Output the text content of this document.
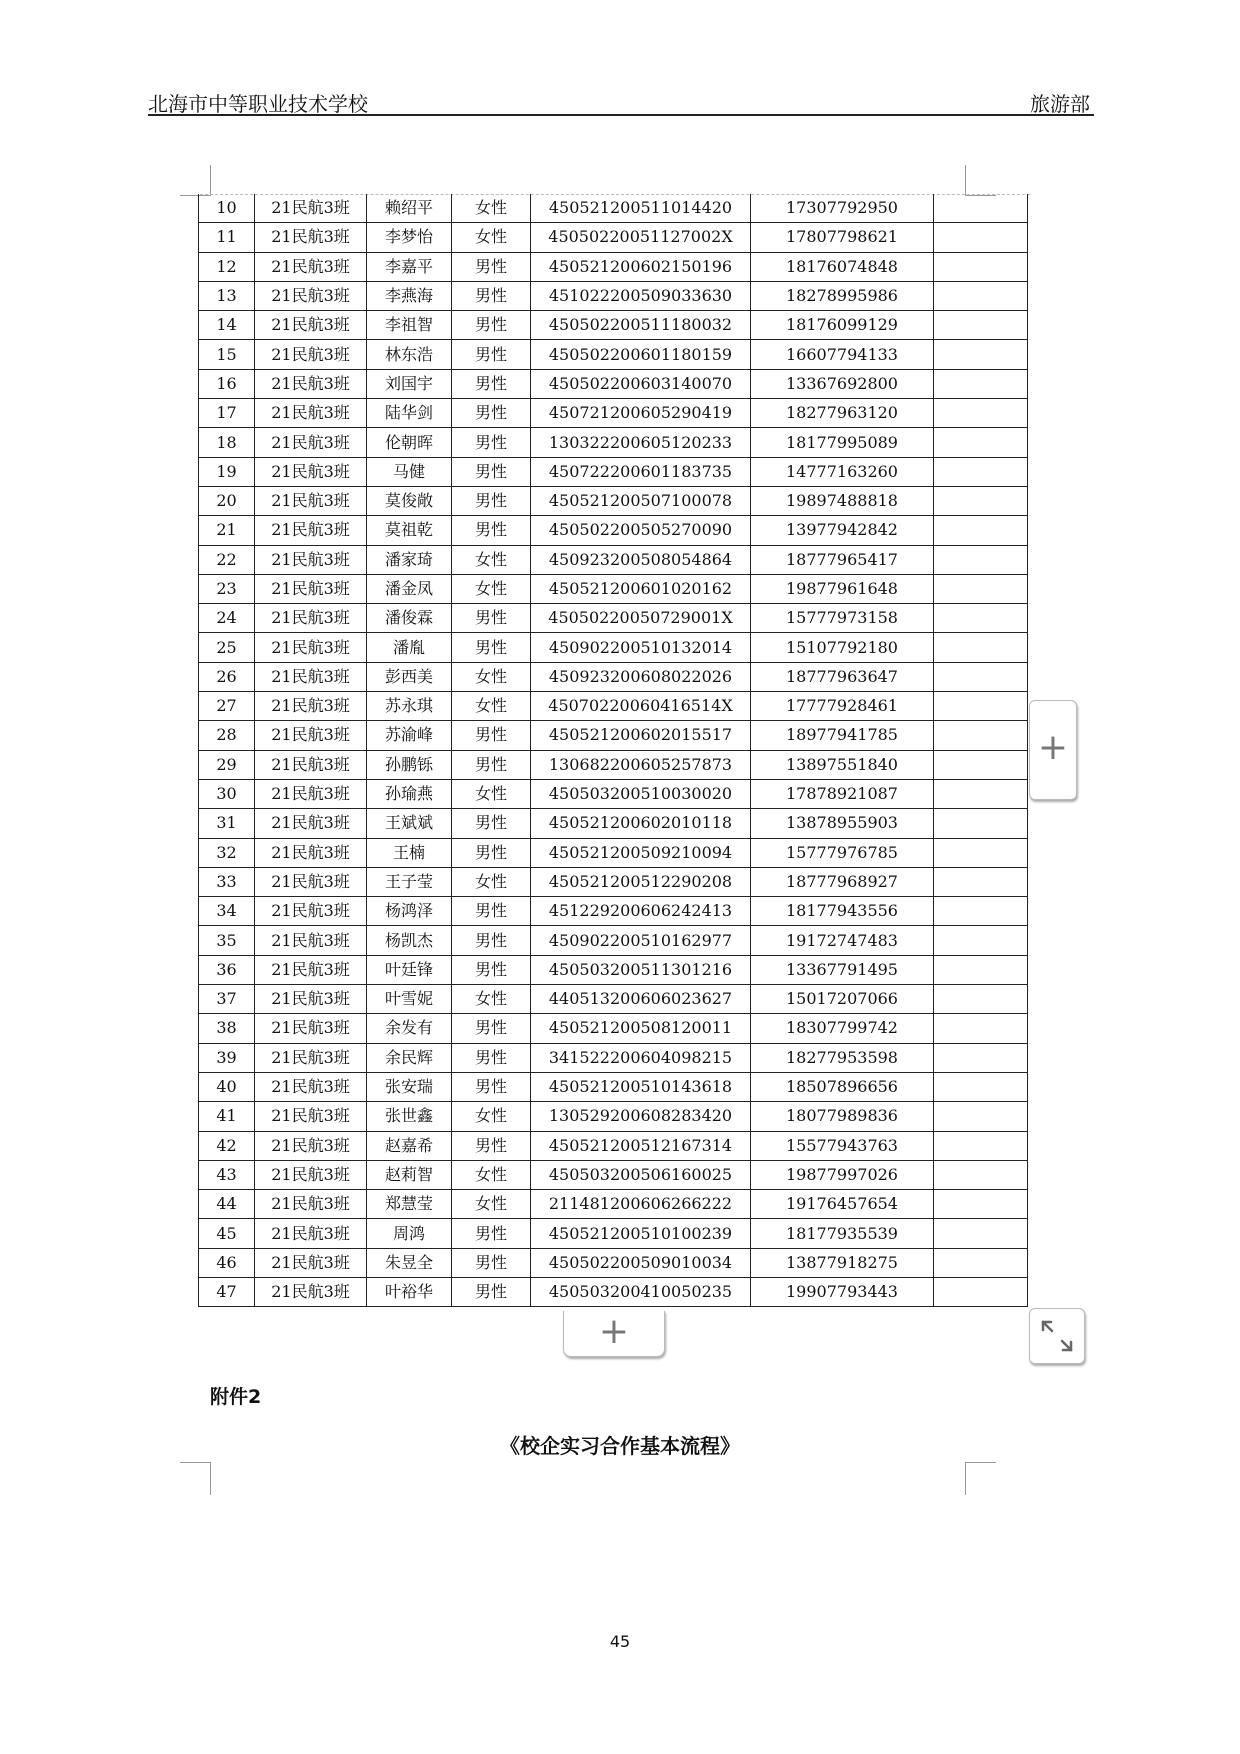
北海市中等职业技术学校	旅游部
10	21民航3班	赖绍平	女性	450521200511014420	17307792950	
11	21民航3班	李梦怡	女性	45050220051127002X	17807798621	
12	21民航3班	李嘉平	男性	450521200602150196	18176074848	
13	21民航3班	李燕海	男性	451022200509033630	18278995986	
14	21民航3班	李祖智	男性	450502200511180032	18176099129	
15	21民航3班	林东浩	男性	450502200601180159	16607794133	
16	21民航3班	刘国宇	男性	450502200603140070	13367692800	
17	21民航3班	陆华剑	男性	450721200605290419	18277963120	
18	21民航3班	伦朝晖	男性	130322200605120233	18177995089	
19	21民航3班	马健	男性	450722200601183735	14777163260	
20	21民航3班	莫俊敞	男性	450521200507100078	19897488818	
21	21民航3班	莫祖乾	男性	450502200505270090	13977942842	
22	21民航3班	潘家琦	女性	450923200508054864	18777965417	
23	21民航3班	潘金凤	女性	450521200601020162	19877961648	
24	21民航3班	潘俊霖	男性	45050220050729001X	15777973158	
25	21民航3班	潘胤	男性	450902200510132014	15107792180	
26	21民航3班	彭西美	女性	450923200608022026	18777963647	
27	21民航3班	苏永琪	女性	45070220060416514X	17777928461	
28	21民航3班	苏渝峰	男性	450521200602015517	18977941785	
29	21民航3班	孙鹏铄	男性	130682200605257873	13897551840	
30	21民航3班	孙瑜燕	女性	450503200510030020	17878921087	
31	21民航3班	王斌斌	男性	450521200602010118	13878955903	
32	21民航3班	王楠	男性	450521200509210094	15777976785	
33	21民航3班	王子莹	女性	450521200512290208	18777968927	
34	21民航3班	杨鸿泽	男性	451229200606242413	18177943556	
35	21民航3班	杨凯杰	男性	450902200510162977	19172747483	
36	21民航3班	叶廷锋	男性	450503200511301216	13367791495	
37	21民航3班	叶雪妮	女性	440513200606023627	15017207066	
38	21民航3班	余发有	男性	450521200508120011	18307799742	
39	21民航3班	余民辉	男性	341522200604098215	18277953598	
40	21民航3班	张安瑞	男性	450521200510143618	18507896656	
41	21民航3班	张世鑫	女性	130529200608283420	18077989836	
42	21民航3班	赵嘉希	男性	450521200512167314	15577943763	
43	21民航3班	赵莉智	女性	450503200506160025	19877997026	
44	21民航3班	郑慧莹	女性	211481200606266222	19176457654	
45	21民航3班	周鸿	男性	450521200510100239	18177935539	
46	21民航3班	朱昱全	男性	450502200509010034	13877918275	
47	21民航3班	叶裕华	男性	450503200410050235	19907793443	
+
+
附件2
《校企实习合作基本流程》
45
